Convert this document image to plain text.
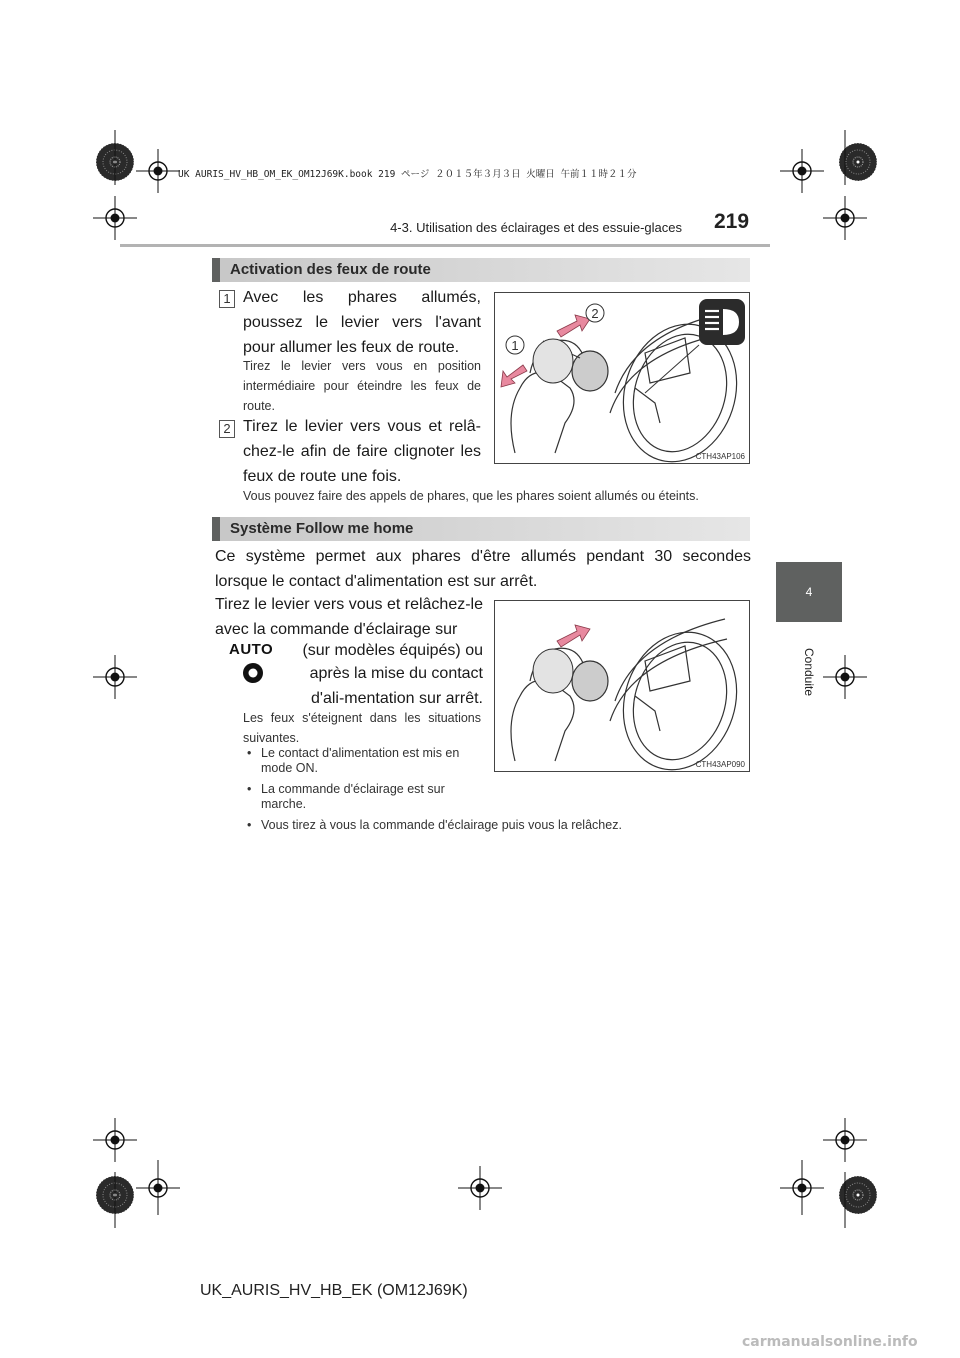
UK AURIS_HV_HB_OM_EK_OM12J69K.book 219 ページ ２０１５年３月３日 火曜日 午前１１時２１分
4-3. Utilisation des éclairages et des essuie-glaces 219
4
Conduite
Activation des feux de route
1 Avec les phares allumés, poussez le levier vers l'avant pour allumer les feux de route.
Tirez le levier vers vous en position intermédiaire pour éteindre les feux de route.
2 Tirez le levier vers vous et relâ-chez-le afin de faire clignoter les feux de route une fois.
Vous pouvez faire des appels de phares, que les phares soient allumés ou éteints.
2
1
CTH43AP106
Système Follow me home
Ce système permet aux phares d'être allumés pendant 30 secondes lorsque le contact d'alimentation est sur arrêt.
Tirez le levier vers vous et relâchez-le avec la commande d'éclairage sur
AUTO	(sur modèles équipés) ou
après la mise du contact d'ali-mentation sur arrêt.
Les feux s'éteignent dans les situations suivantes.
• Le contact d'alimentation est mis en mode ON.
• La commande d'éclairage est sur marche.
• Vous tirez à vous la commande d'éclairage puis vous la relâchez.
CTH43AP090
UK_AURIS_HV_HB_EK (OM12J69K)
carmanualsonline.info
